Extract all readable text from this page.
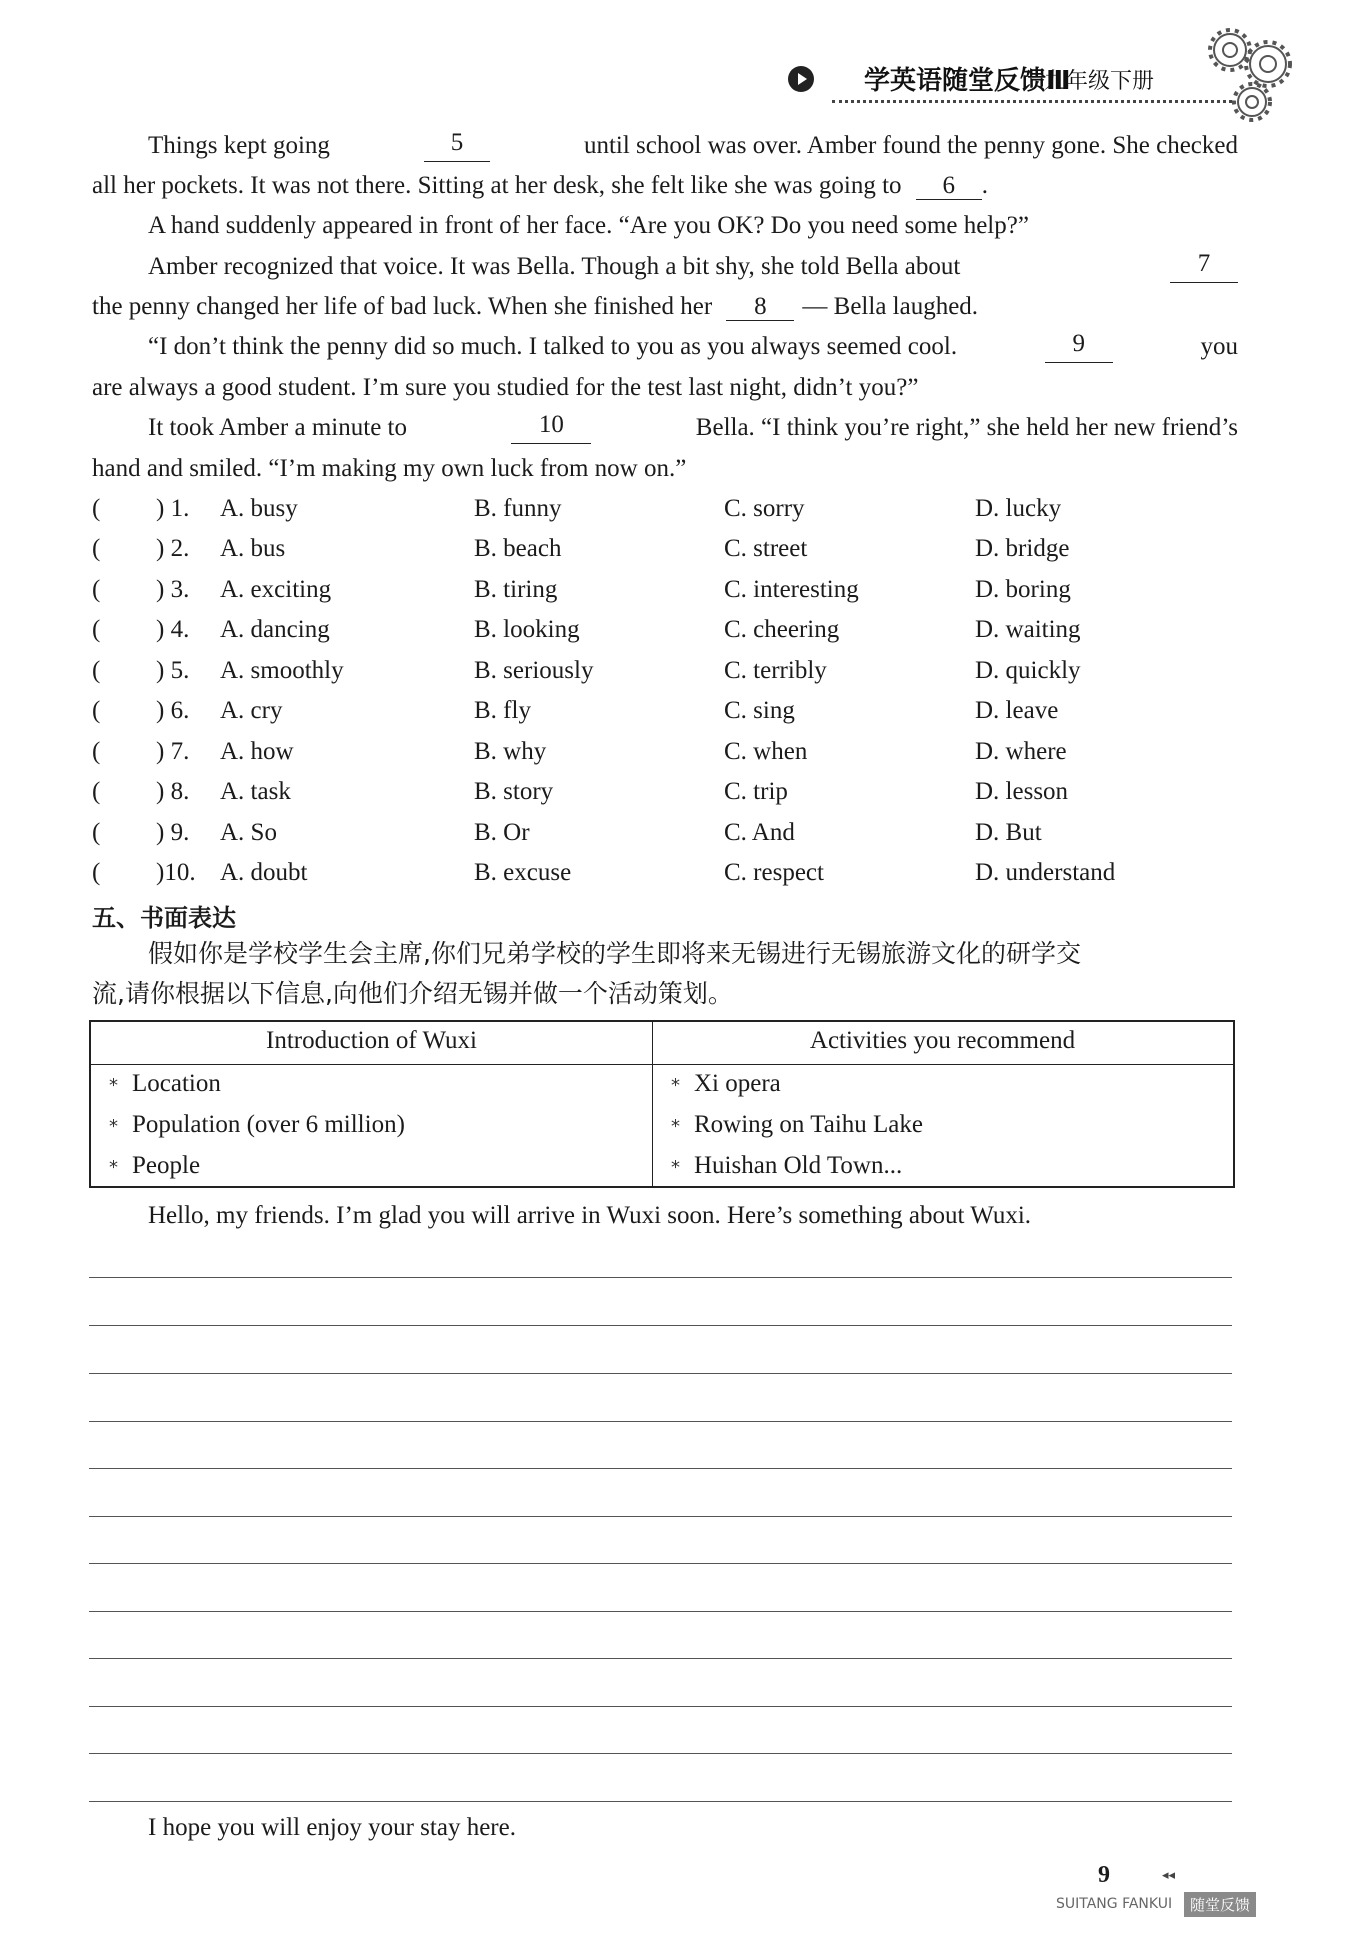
学英语随堂反馈Ⅲ
九年级下册
Things kept going	5	until school was over. Amber found the penny gone. She checked
all her pockets. It was not there. Sitting at her desk, she felt like she was going to 6 .
A hand suddenly appeared in front of her face. “Are you OK? Do you need some help?”
Amber recognized that voice. It was Bella. Though a bit shy, she told Bella about	7
the penny changed her life of bad luck. When she finished her 8 — Bella laughed.
“I don’t think the penny did so much. I talked to you as you always seemed cool.	9	you
are always a good student. I’m sure you studied for the test last night, didn’t you?”
It took Amber a minute to	10	Bella. “I think you’re right,” she held her new friend’s
hand and smiled. “I’m making my own luck from now on.”
( ) 1. A. busy	B. funny	C. sorry	D. lucky
( ) 2. A. bus	B. beach	C. street	D. bridge
( ) 3. A. exciting	B. tiring	C. interesting	D. boring
( ) 4. A. dancing	B. looking	C. cheering	D. waiting
( ) 5. A. smoothly	B. seriously	C. terribly	D. quickly
( ) 6. A. cry	B. fly	C. sing	D. leave
( ) 7. A. how	B. why	C. when	D. where
( ) 8. A. task	B. story	C. trip	D. lesson
( ) 9. A. So	B. Or	C. And	D. But
( )10. A. doubt	B. excuse	C. respect	D. understand
五、书面表达
假如你是学校学生会主席,你们兄弟学校的学生即将来无锡进行无锡旅游文化的研学交
流,请你根据以下信息,向他们介绍无锡并做一个活动策划。
Introduction of Wuxi	Activities you recommend
* Location
* Population (over 6 million)
* People
* Xi opera
* Rowing on Taihu Lake
* Huishan Old Town...
Hello, my friends. I’m glad you will arrive in Wuxi soon. Here’s something about Wuxi.
I hope you will enjoy your stay here.
9	◂◂
SUITANG FANKUI	随堂反馈
